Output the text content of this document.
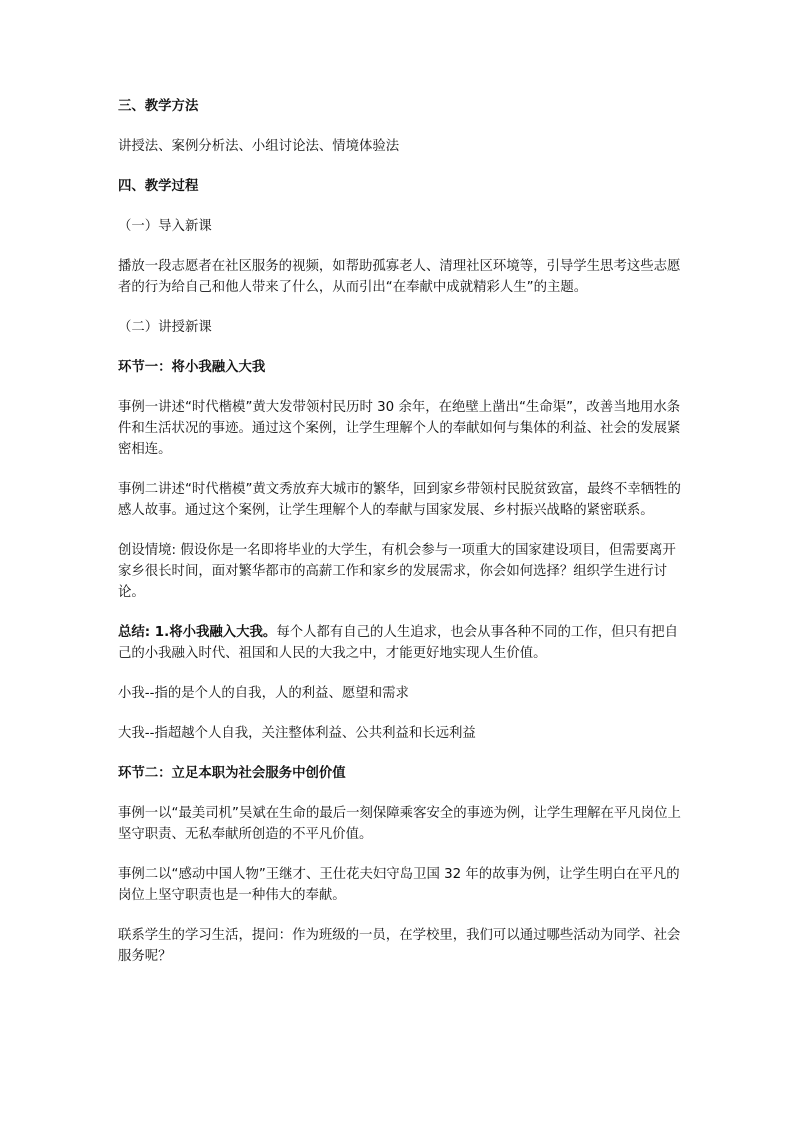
三、教学方法

讲授法、案例分析法、小组讨论法、情境体验法

四、教学过程

（一）导入新课

播放一段志愿者在社区服务的视频，如帮助孤寡老人、清理社区环境等，引导学生思考这些志愿者的行为给自己和他人带来了什么，从而引出“在奉献中成就精彩人生”的主题。

（二）讲授新课

环节一：将小我融入大我

事例一讲述“时代楷模”黄大发带领村民历时 30 余年，在绝壁上凿出“生命渠”，改善当地用水条件和生活状况的事迹。通过这个案例，让学生理解个人的奉献如何与集体的利益、社会的发展紧密相连。

事例二讲述“时代楷模”黄文秀放弃大城市的繁华，回到家乡带领村民脱贫致富，最终不幸牺牲的感人故事。通过这个案例，让学生理解个人的奉献与国家发展、乡村振兴战略的紧密联系。

创设情境: 假设你是一名即将毕业的大学生，有机会参与一项重大的国家建设项目，但需要离开家乡很长时间，面对繁华都市的高薪工作和家乡的发展需求，你会如何选择？组织学生进行讨论。

总结: 1.将小我融入大我。每个人都有自己的人生追求，也会从事各种不同的工作，但只有把自己的小我融入时代、祖国和人民的大我之中，才能更好地实现人生价值。

小我--指的是个人的自我，人的利益、愿望和需求

大我--指超越个人自我，关注整体利益、公共利益和长远利益

环节二：立足本职为社会服务中创价值

事例一以“最美司机”吴斌在生命的最后一刻保障乘客安全的事迹为例，让学生理解在平凡岗位上坚守职责、无私奉献所创造的不平凡价值。

事例二以“感动中国人物”王继才、王仕花夫妇守岛卫国 32 年的故事为例，让学生明白在平凡的岗位上坚守职责也是一种伟大的奉献。

联系学生的学习生活，提问：作为班级的一员，在学校里，我们可以通过哪些活动为同学、社会服务呢？
